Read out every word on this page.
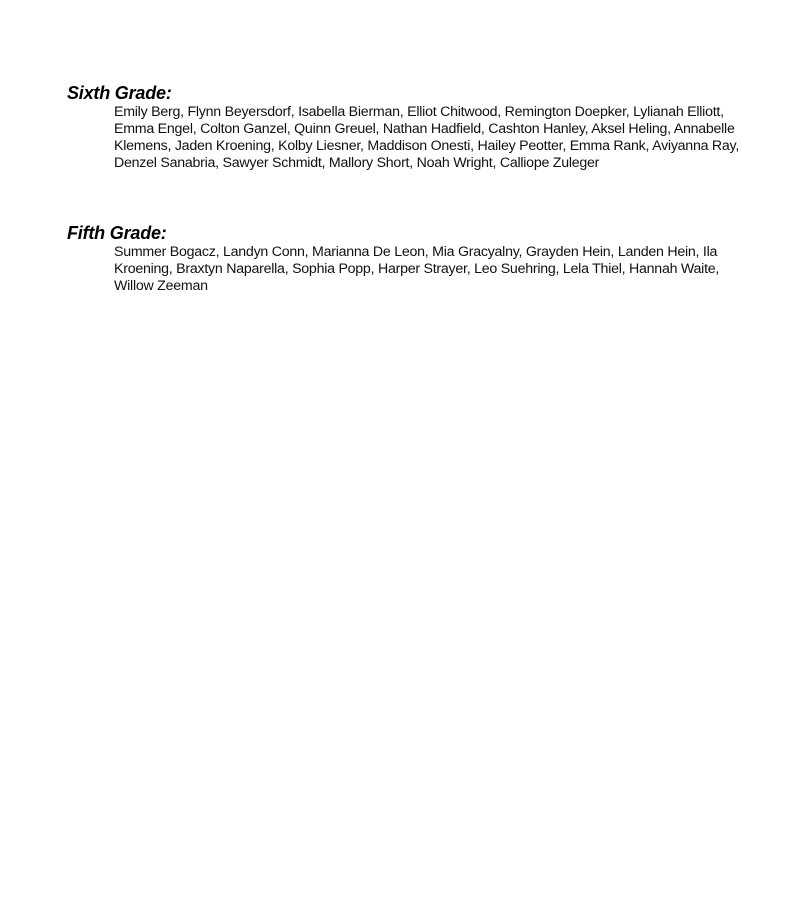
Sixth Grade:

Emily Berg, Flynn Beyersdorf, Isabella Bierman, Elliot Chitwood, Remington Doepker, Lylianah Elliott, Emma Engel, Colton Ganzel, Quinn Greuel, Nathan Hadfield, Cashton Hanley, Aksel Heling, Annabelle Klemens, Jaden Kroening, Kolby Liesner, Maddison Onesti, Hailey Peotter, Emma Rank, Aviyanna Ray, Denzel Sanabria, Sawyer Schmidt, Mallory Short, Noah Wright, Calliope Zuleger

Fifth Grade:

Summer Bogacz, Landyn Conn, Marianna De Leon, Mia Gracyalny, Grayden Hein, Landen Hein, Ila Kroening, Braxtyn Naparella, Sophia Popp, Harper Strayer, Leo Suehring, Lela Thiel, Hannah Waite, Willow Zeeman
